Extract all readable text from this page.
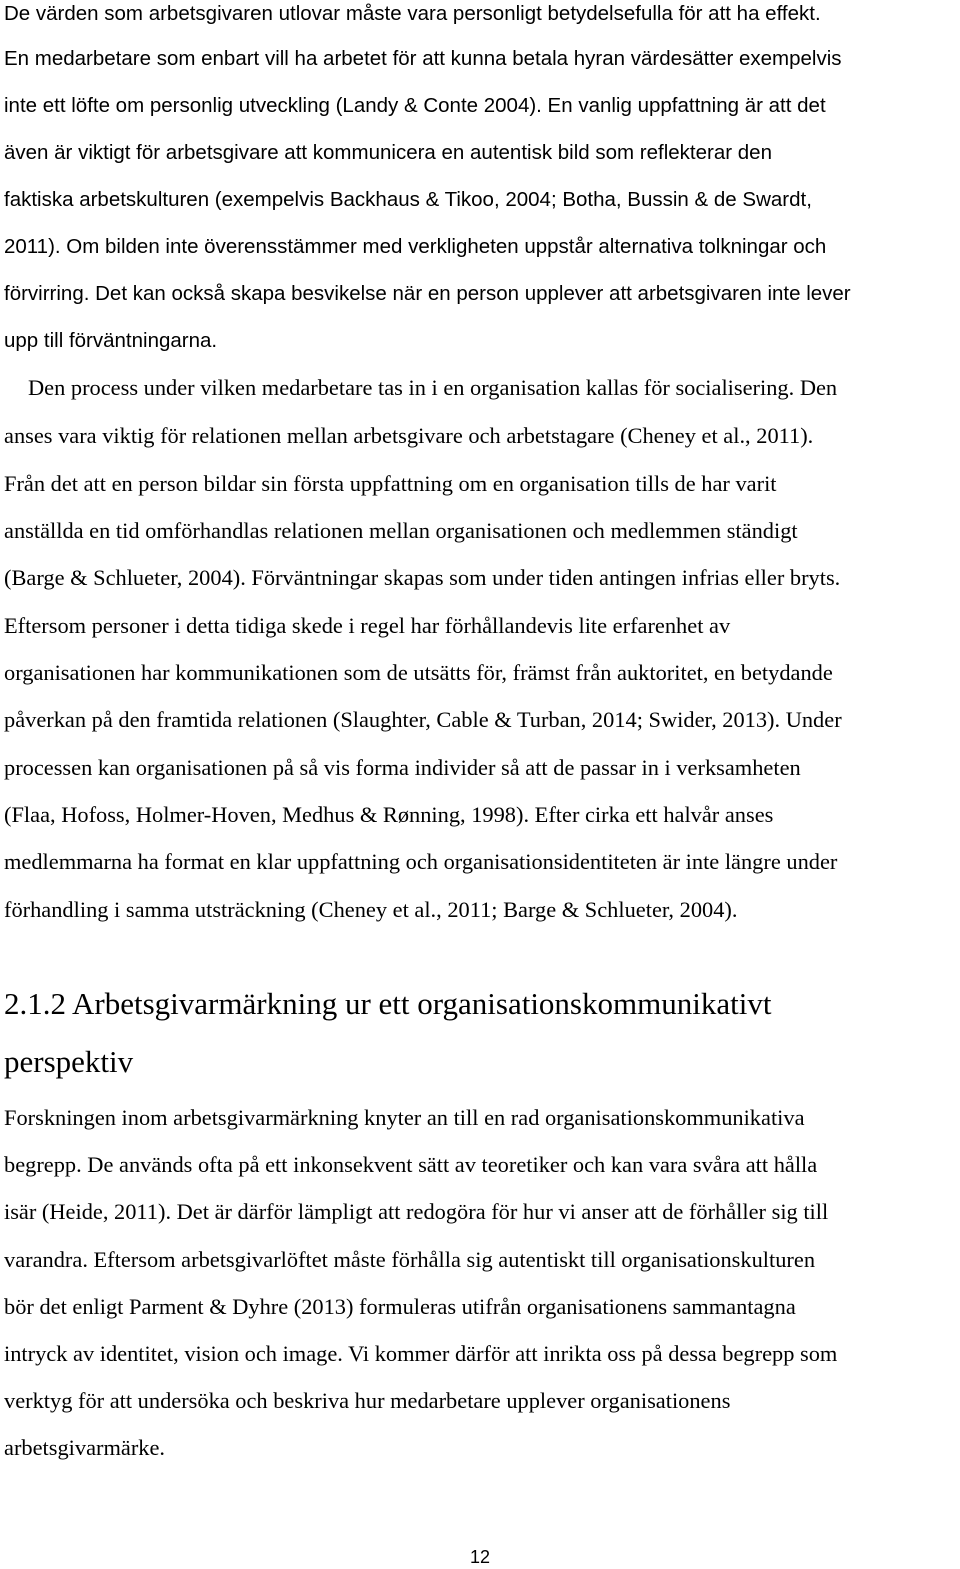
De värden som arbetsgivaren utlovar måste vara personligt betydelsefulla för att ha effekt.
En medarbetare som enbart vill ha arbetet för att kunna betala hyran värdesätter exempelvis
inte ett löfte om personlig utveckling (Landy & Conte 2004). En vanlig uppfattning är att det
även är viktigt för arbetsgivare att kommunicera en autentisk bild som reflekterar den
faktiska arbetskulturen (exempelvis Backhaus & Tikoo, 2004; Botha, Bussin & de Swardt,
2011). Om bilden inte överensstämmer med verkligheten uppstår alternativa tolkningar och
förvirring. Det kan också skapa besvikelse när en person upplever att arbetsgivaren inte lever
upp till förväntningarna.
Den process under vilken medarbetare tas in i en organisation kallas för socialisering. Den
anses vara viktig för relationen mellan arbetsgivare och arbetstagare (Cheney et al., 2011).
Från det att en person bildar sin första uppfattning om en organisation tills de har varit
anställda en tid omförhandlas relationen mellan organisationen och medlemmen ständigt
(Barge & Schlueter, 2004). Förväntningar skapas som under tiden antingen infrias eller bryts.
Eftersom personer i detta tidiga skede i regel har förhållandevis lite erfarenhet av
organisationen har kommunikationen som de utsätts för, främst från auktoritet, en betydande
påverkan på den framtida relationen (Slaughter, Cable & Turban, 2014; Swider, 2013). Under
processen kan organisationen på så vis forma individer så att de passar in i verksamheten
(Flaa, Hofoss, Holmer-Hoven, Medhus & Rønning, 1998). Efter cirka ett halvår anses
medlemmarna ha format en klar uppfattning och organisationsidentiteten är inte längre under
förhandling i samma utsträckning (Cheney et al., 2011; Barge & Schlueter, 2004).
2.1.2 Arbetsgivarmärkning ur ett organisationskommunikativt
perspektiv
Forskningen inom arbetsgivarmärkning knyter an till en rad organisationskommunikativa
begrepp. De används ofta på ett inkonsekvent sätt av teoretiker och kan vara svåra att hålla
isär (Heide, 2011). Det är därför lämpligt att redogöra för hur vi anser att de förhåller sig till
varandra. Eftersom arbetsgivarlöftet måste förhålla sig autentiskt till organisationskulturen
bör det enligt Parment & Dyhre (2013) formuleras utifrån organisationens sammantagna
intryck av identitet, vision och image. Vi kommer därför att inrikta oss på dessa begrepp som
verktyg för att undersöka och beskriva hur medarbetare upplever organisationens
arbetsgivarmärke.
12
